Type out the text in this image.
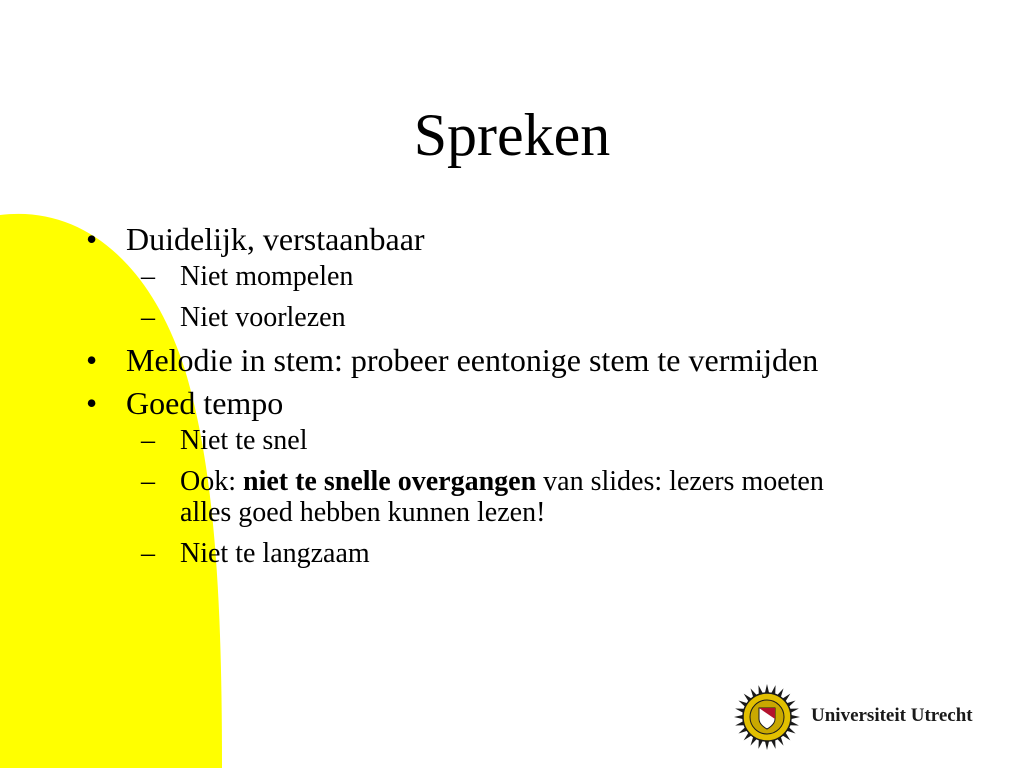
Spreken
• Duidelijk, verstaanbaar
– Niet mompelen
– Niet voorlezen
• Melodie in stem: probeer eentonige stem te vermijden
• Goed tempo
– Niet te snel
– Ook: niet te snelle overgangen van slides: lezers moeten alles goed hebben kunnen lezen!
– Niet te langzaam
Universiteit Utrecht
